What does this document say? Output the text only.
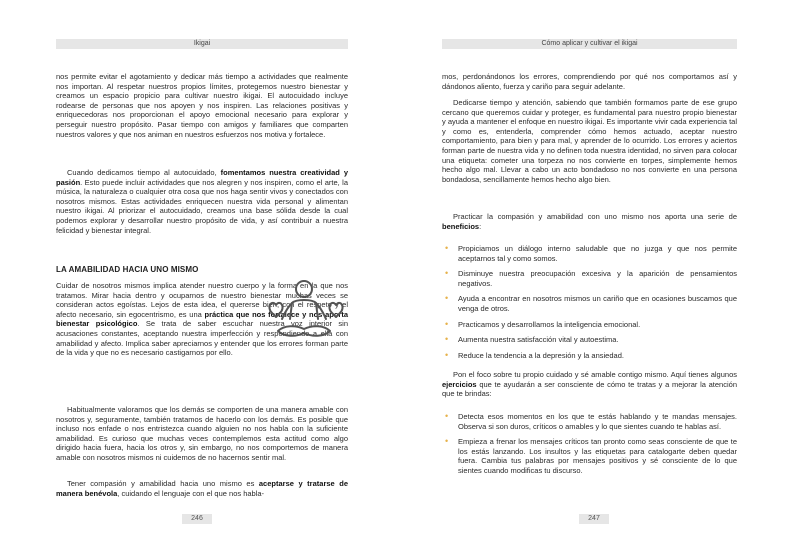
Ikigai

nos permite evitar el agotamiento y dedicar más tiempo a actividades que realmente nos importan. Al respetar nuestros propios límites, protegemos nuestro bienestar y creamos un espacio propicio para cultivar nuestro ikigai. El autocuidado incluye rodearse de personas que nos apoyen y nos inspiren. Las relaciones positivas y enriquecedoras nos proporcionan el apoyo emocional necesario para explorar y perseguir nuestro propósito. Pasar tiempo con amigos y familiares que comparten nuestros valores y que nos animan en nuestros esfuerzos nos motiva y fortalece.

Cuando dedicamos tiempo al autocuidado, fomentamos nuestra creatividad y pasión. Esto puede incluir actividades que nos alegren y nos inspiren, como el arte, la música, la naturaleza o cualquier otra cosa que nos haga sentir vivos y conectados con nosotros mismos. Estas actividades enriquecen nuestra vida personal y alimentan nuestro ikigai. Al priorizar el autocuidado, creamos una base sólida desde la cual podemos explorar y desarrollar nuestro propósito de vida, y así contribuir a nuestra felicidad y bienestar integral.

LA AMABILIDAD HACIA UNO MISMO

Cuidar de nosotros mismos implica atender nuestro cuerpo y la forma en la que nos tratamos. Mirar hacia dentro y ocuparnos de nuestro bienestar muchas veces se consideran actos egoístas. Lejos de esta idea, el quererse bien, con el respeto y el afecto necesario, sin egocentrismo, es una práctica que nos fortalece y nos aporta bienestar psicológico. Se trata de saber escuchar nuestra voz interior sin acusaciones constantes, aceptando nuestra imperfección y respondiendo a ella con amabilidad y afecto. Implica saber apreciarnos y entender que los errores forman parte de la vida y que no es necesario castigarnos por ello.

Habitualmente valoramos que los demás se comporten de una manera amable con nosotros y, seguramente, también tratamos de hacerlo con los demás. Es posible que incluso nos enfade o nos entristezca cuando alguien no nos habla con la suficiente amabilidad. Es curioso que muchas veces contemplemos esta actitud como algo dirigido hacia fuera, hacia los otros y, sin embargo, no nos comportemos de manera amable con nosotros mismos ni cuidemos de no hacernos sentir mal.

Tener compasión y amabilidad hacia uno mismo es aceptarse y tratarse de manera benévola, cuidando el lenguaje con el que nos habla-

246
Cómo aplicar y cultivar el ikigai

mos, perdonándonos los errores, comprendiendo por qué nos comportamos así y dándonos aliento, fuerza y cariño para seguir adelante.

Dedicarse tiempo y atención, sabiendo que también formamos parte de ese grupo cercano que queremos cuidar y proteger, es fundamental para nuestro propio bienestar y ayuda a mantener el enfoque en nuestro ikigai. Es importante vivir cada experiencia tal y como es, entenderla, comprender cómo hemos actuado, aceptar nuestro comportamiento, para bien y para mal, y aprender de lo ocurrido. Los errores y aciertos forman parte de nuestra vida y no definen toda nuestra identidad, no sirven para colocar una etiqueta: cometer una torpeza no nos convierte en torpes, simplemente hemos hecho algo mal. Llevar a cabo un acto bondadoso no nos convierte en una persona bondadosa, sencillamente hemos hecho algo bien.

Practicar la compasión y amabilidad con uno mismo nos aporta una serie de beneficios:

• Propiciamos un diálogo interno saludable que no juzga y que nos permite aceptarnos tal y como somos.
• Disminuye nuestra preocupación excesiva y la aparición de pensamientos negativos.
• Ayuda a encontrar en nosotros mismos un cariño que en ocasiones buscamos que venga de otros.
• Practicamos y desarrollamos la inteligencia emocional.
• Aumenta nuestra satisfacción vital y autoestima.
• Reduce la tendencia a la depresión y la ansiedad.

Pon el foco sobre tu propio cuidado y sé amable contigo mismo. Aquí tienes algunos ejercicios que te ayudarán a ser consciente de cómo te tratas y a mejorar la atención que te brindas:

• Detecta esos momentos en los que te estás hablando y te mandas mensajes. Observa si son duros, críticos o amables y lo que sientes cuando te hablas así.
• Empieza a frenar los mensajes críticos tan pronto como seas consciente de que te los estás lanzando. Los insultos y las etiquetas para catalogarte deben quedar fuera. Cambia tus palabras por mensajes positivos y sé consciente de lo que sientes cuando modificas tu discurso.
247
